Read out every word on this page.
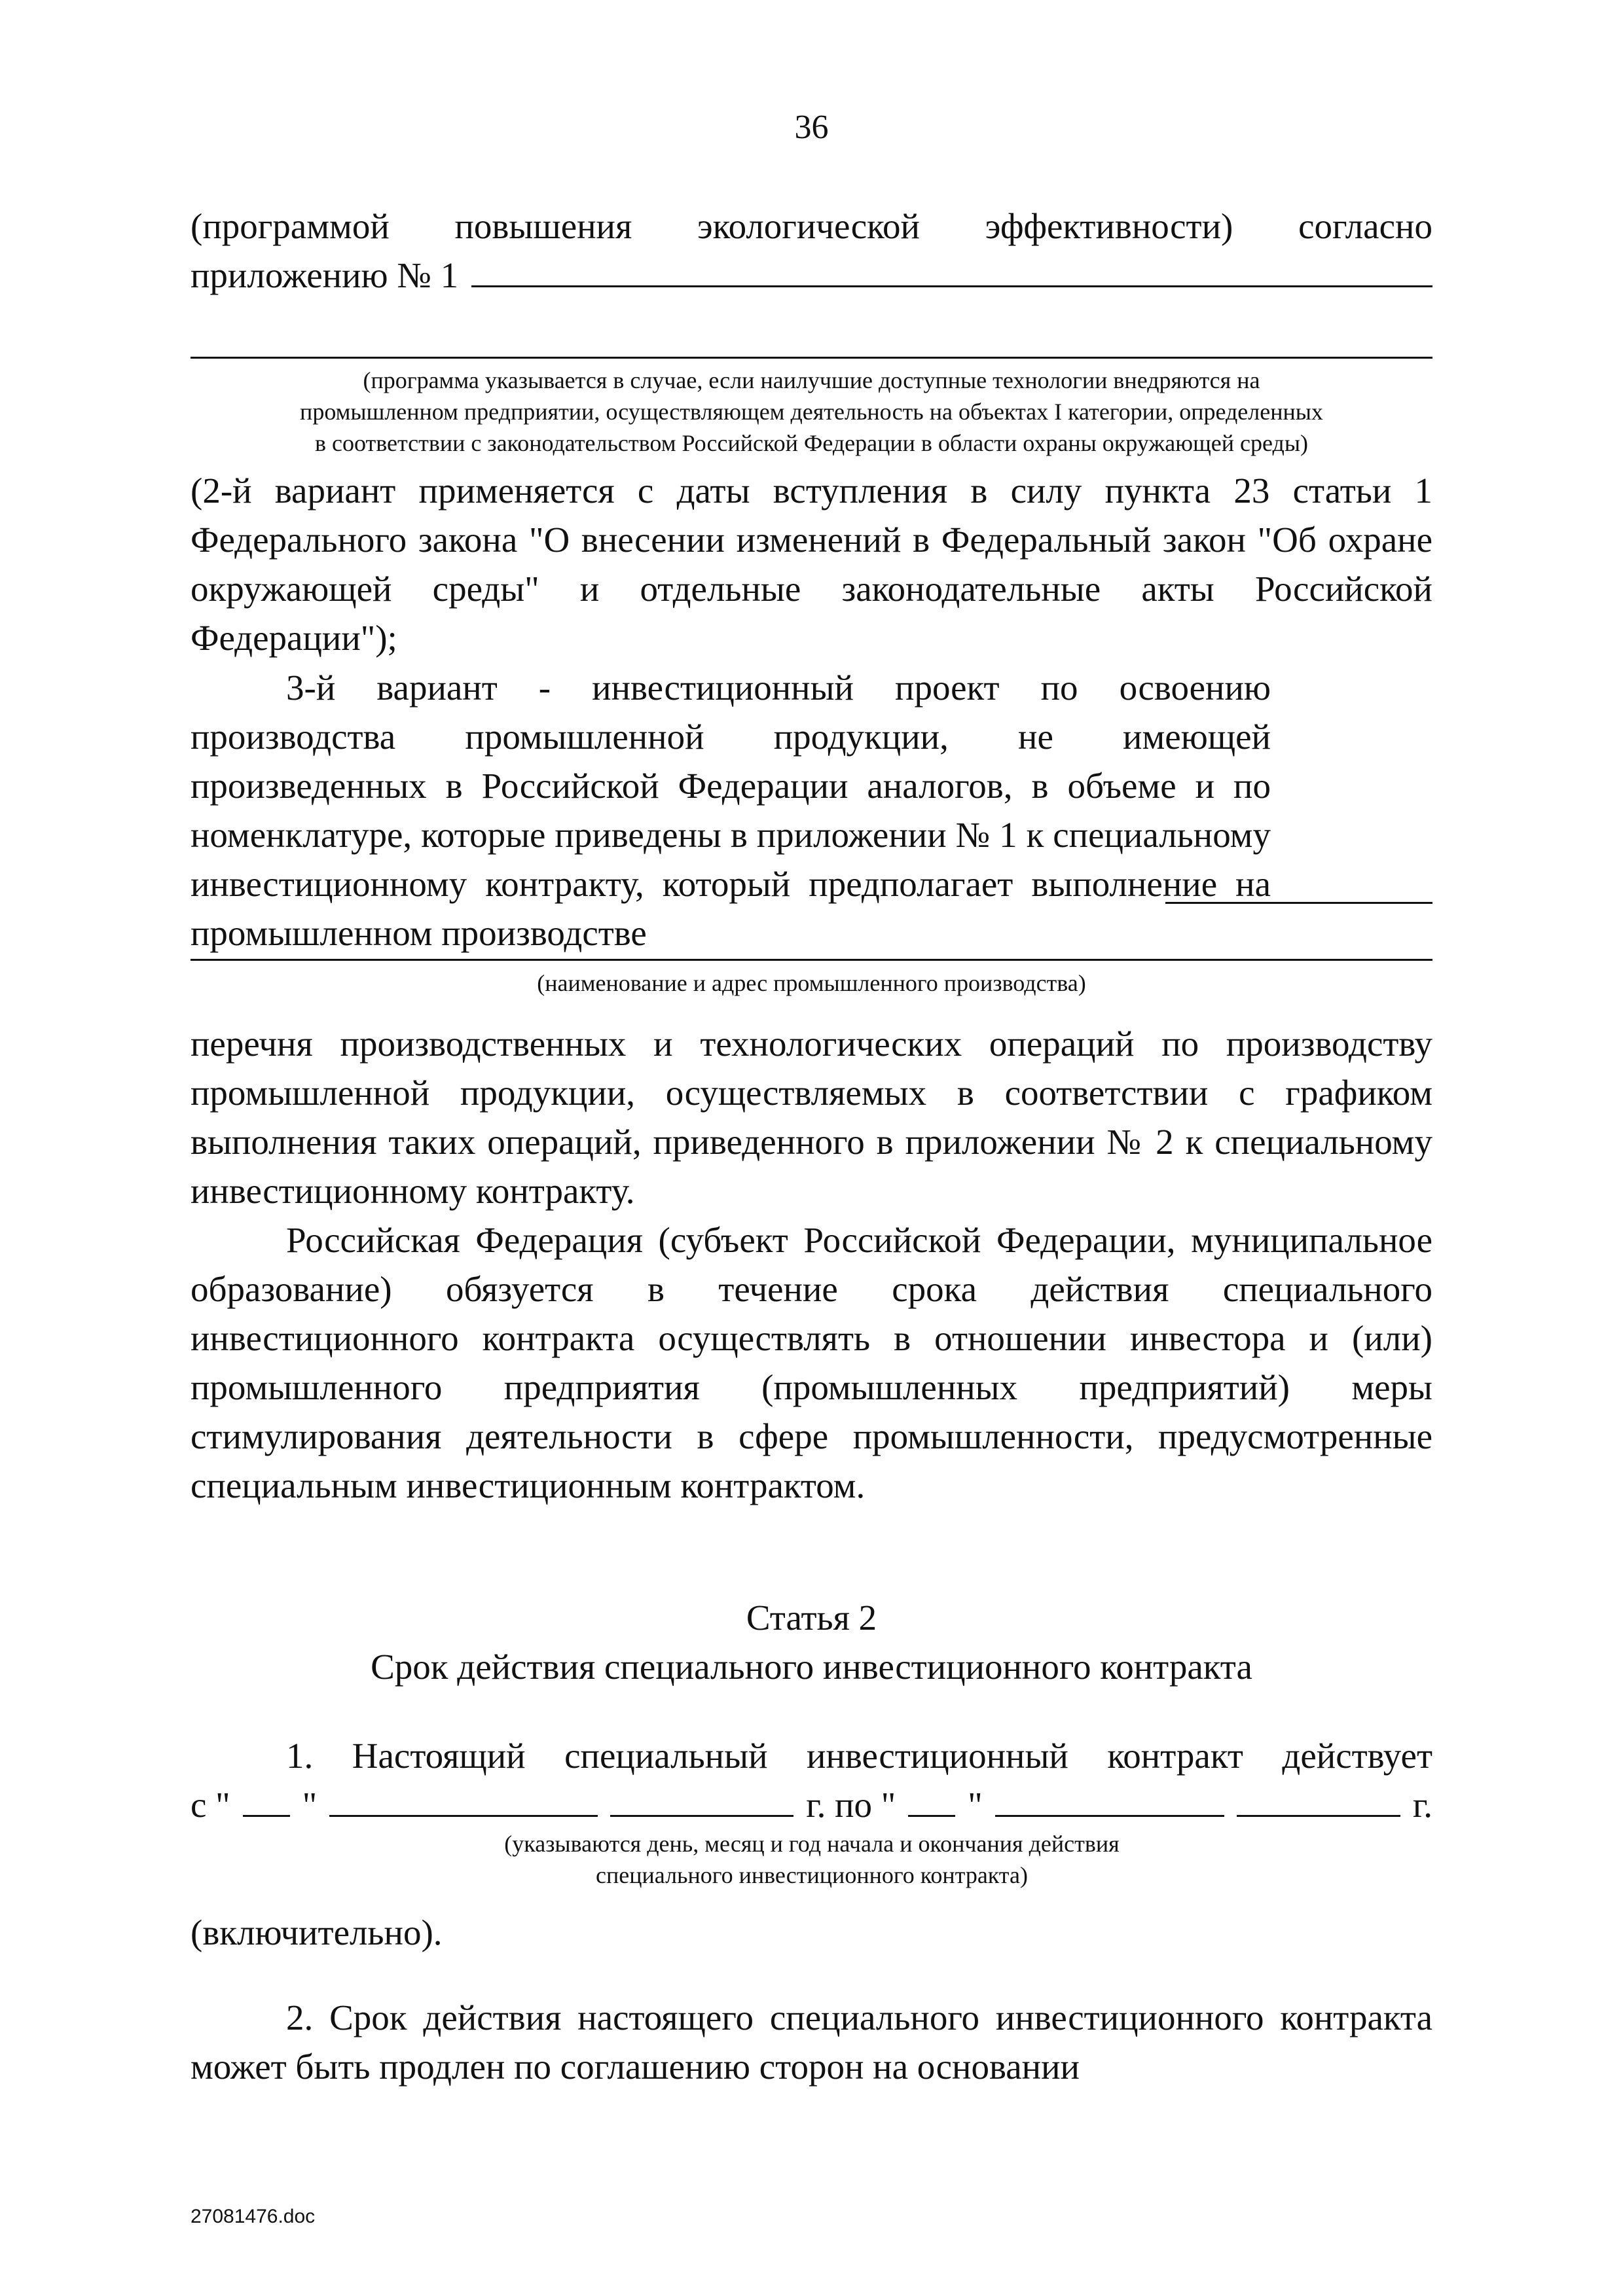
36
(программой повышения экологической эффективности) согласно
приложению № 1
(программа указывается в случае, если наилучшие доступные технологии внедряются на
промышленном предприятии, осуществляющем деятельность на объектах I категории, определенных
в соответствии с законодательством Российской Федерации в области охраны окружающей среды)

(2-й вариант применяется с даты вступления в силу пункта 23 статьи 1 Федерального закона "О внесении изменений в Федеральный закон "Об охране окружающей среды" и отдельные законодательные акты Российской Федерации");

3-й вариант - инвестиционный проект по освоению производства промышленной продукции, не имеющей произведенных в Российской Федерации аналогов, в объеме и по номенклатуре, которые приведены в приложении № 1 к специальному инвестиционному контракту, который предполагает выполнение на промышленном производстве

(наименование и адрес промышленного производства)

перечня производственных и технологических операций по производству промышленной продукции, осуществляемых в соответствии с графиком выполнения таких операций, приведенного в приложении № 2 к специальному инвестиционному контракту.

Российская Федерация (субъект Российской Федерации, муниципальное образование) обязуется в течение срока действия специального инвестиционного контракта осуществлять в отношении инвестора и (или) промышленного предприятия (промышленных предприятий) меры стимулирования деятельности в сфере промышленности, предусмотренные специальным инвестиционным контрактом.

Статья 2
Срок действия специального инвестиционного контракта
1. Настоящий специальный инвестиционный контракт действует
с " "	г. по " "	г.
(указываются день, месяц и год начала и окончания действия
специального инвестиционного контракта)
(включительно).

2. Срок действия настоящего специального инвестиционного контракта может быть продлен по соглашению сторон на основании

27081476.doc
